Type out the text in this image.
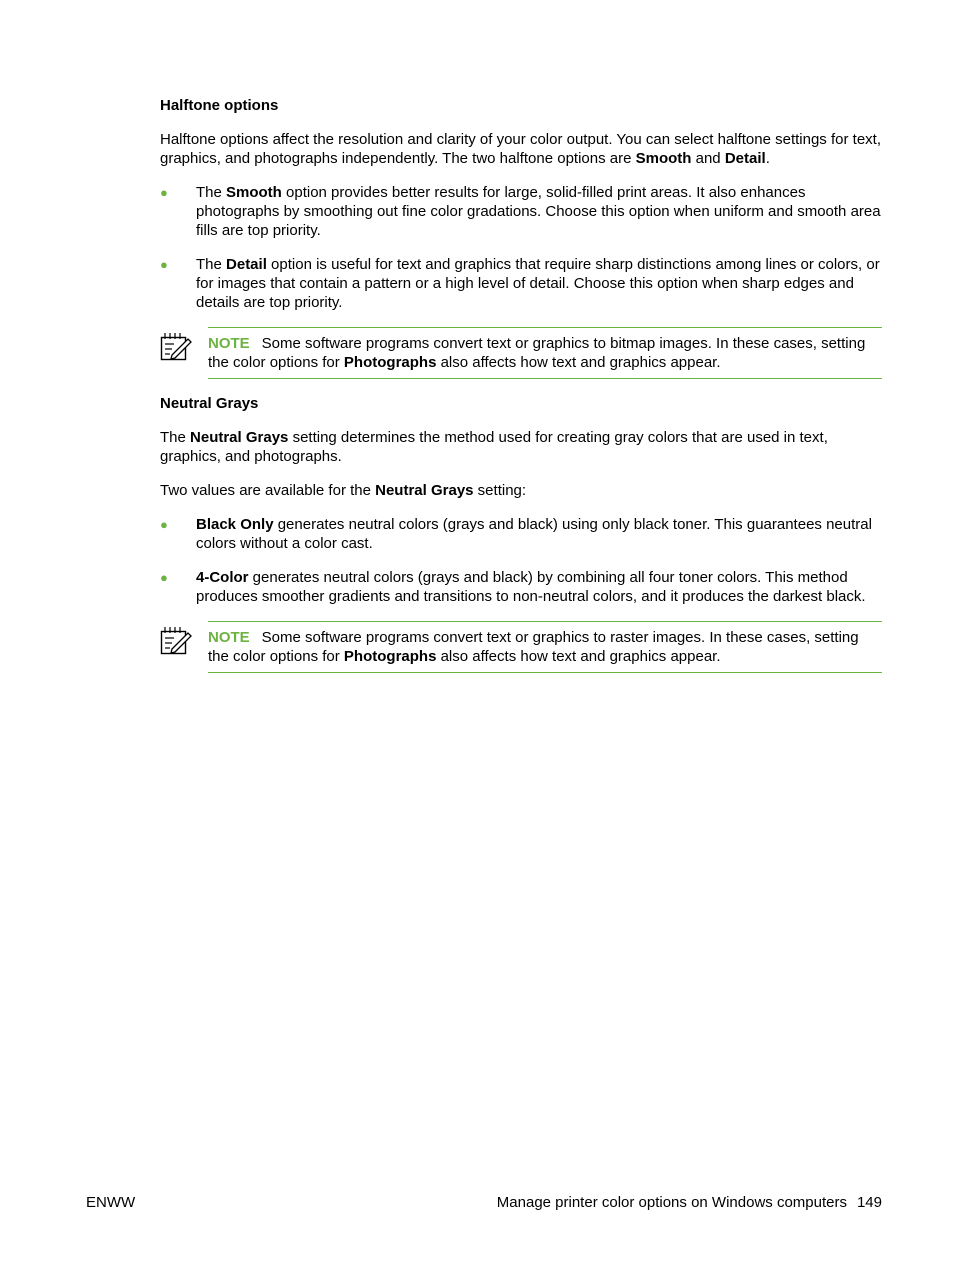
Halftone options

Halftone options affect the resolution and clarity of your color output. You can select halftone settings for text, graphics, and photographs independently. The two halftone options are Smooth and Detail.

● The Smooth option provides better results for large, solid-filled print areas. It also enhances photographs by smoothing out fine color gradations. Choose this option when uniform and smooth area fills are top priority.
● The Detail option is useful for text and graphics that require sharp distinctions among lines or colors, or for images that contain a pattern or a high level of detail. Choose this option when sharp edges and details are top priority.
NOTE Some software programs convert text or graphics to bitmap images. In these cases, setting the color options for Photographs also affects how text and graphics appear.
Neutral Grays

The Neutral Grays setting determines the method used for creating gray colors that are used in text, graphics, and photographs.

Two values are available for the Neutral Grays setting:

● Black Only generates neutral colors (grays and black) using only black toner. This guarantees neutral colors without a color cast.
● 4-Color generates neutral colors (grays and black) by combining all four toner colors. This method produces smoother gradients and transitions to non-neutral colors, and it produces the darkest black.
NOTE Some software programs convert text or graphics to raster images. In these cases, setting the color options for Photographs also affects how text and graphics appear.
ENWW	Manage printer color options on Windows computers 149
